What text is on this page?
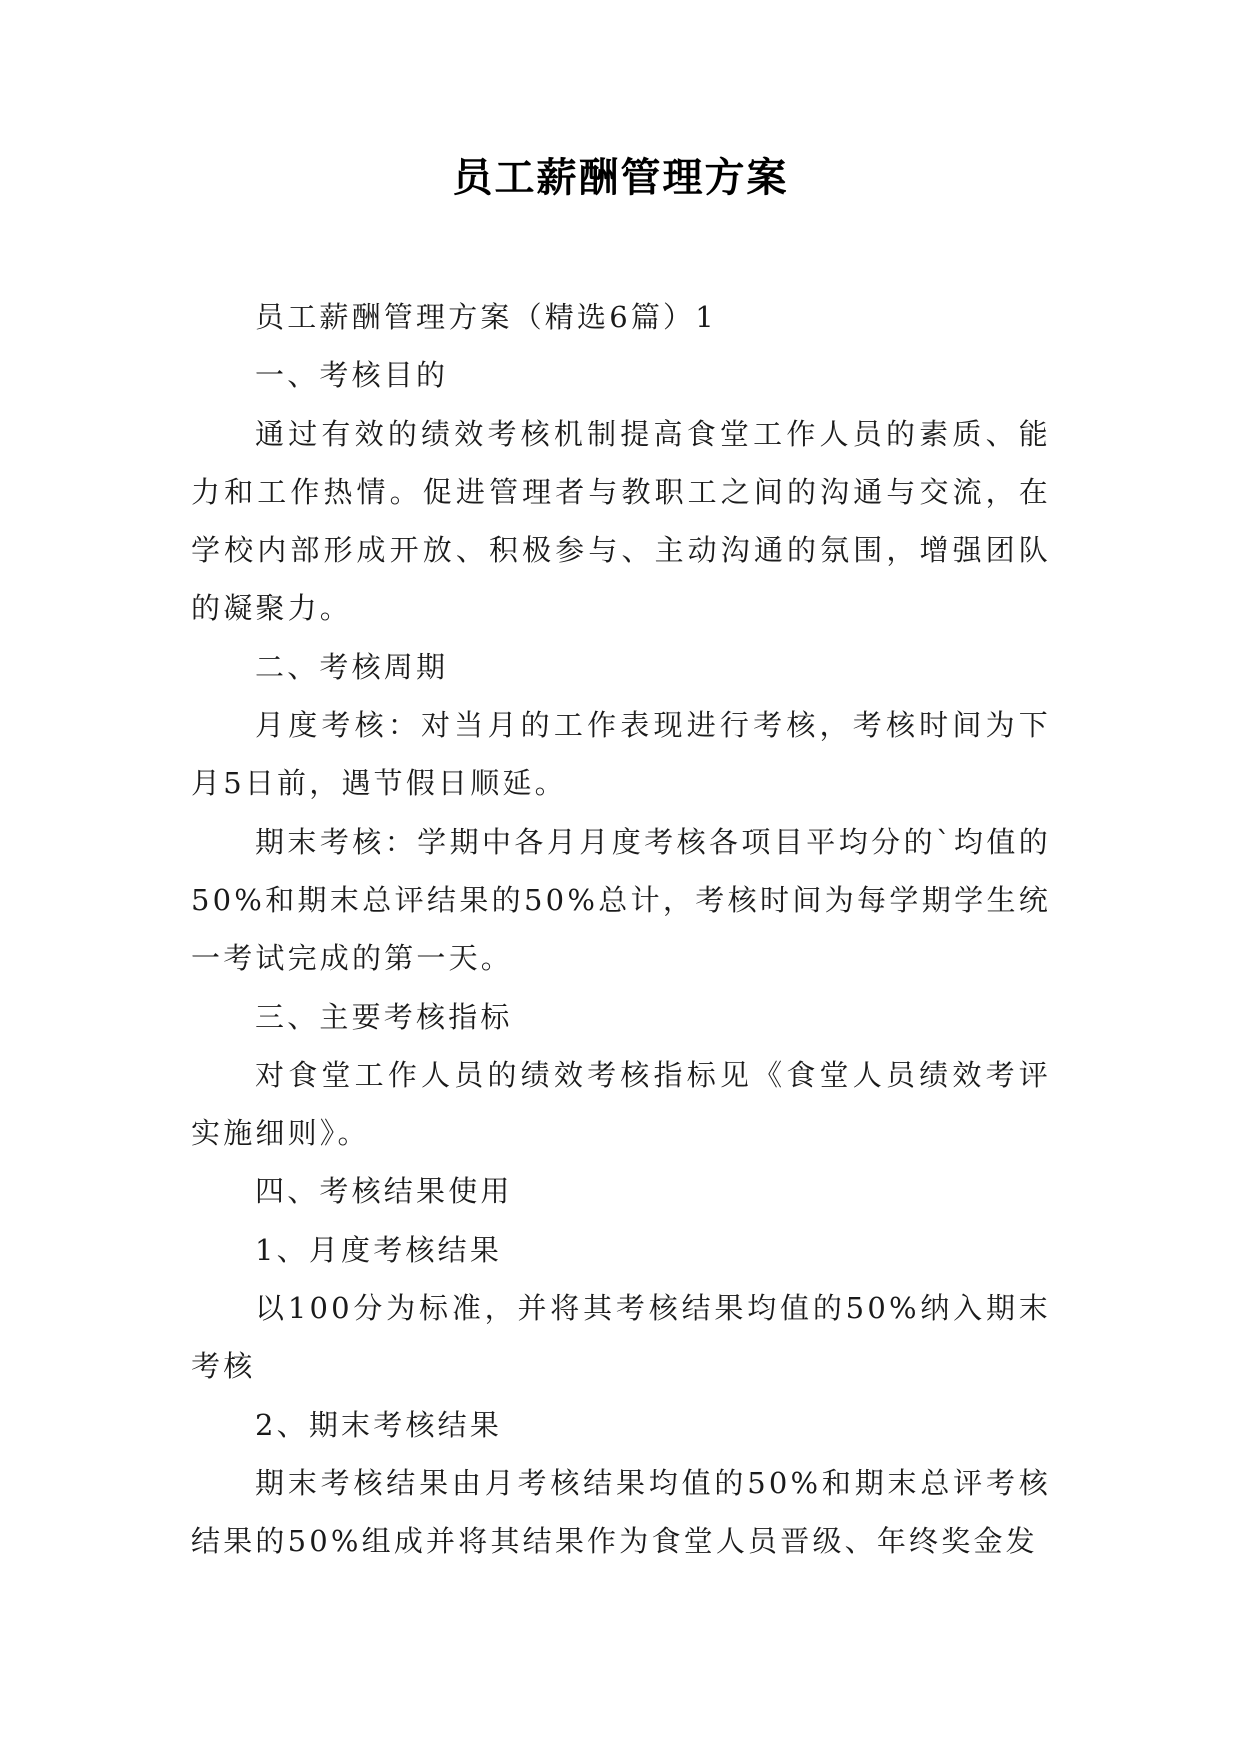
员工薪酬管理方案

员工薪酬管理方案（精选6篇）1

一、考核目的

通过有效的绩效考核机制提高食堂工作人员的素质、能力和工作热情。促进管理者与教职工之间的沟通与交流，在学校内部形成开放、积极参与、主动沟通的氛围，增强团队的凝聚力。

二、考核周期

月度考核：对当月的工作表现进行考核，考核时间为下月5日前，遇节假日顺延。

期末考核：学期中各月月度考核各项目平均分的`均值的50%和期末总评结果的50%总计，考核时间为每学期学生统一考试完成的第一天。

三、主要考核指标

对食堂工作人员的绩效考核指标见《食堂人员绩效考评实施细则》。

四、考核结果使用

1、月度考核结果

以100分为标准，并将其考核结果均值的50%纳入期末考核

2、期末考核结果

期末考核结果由月考核结果均值的50%和期末总评考核结果的50%组成并将其结果作为食堂人员晋级、年终奖金发
